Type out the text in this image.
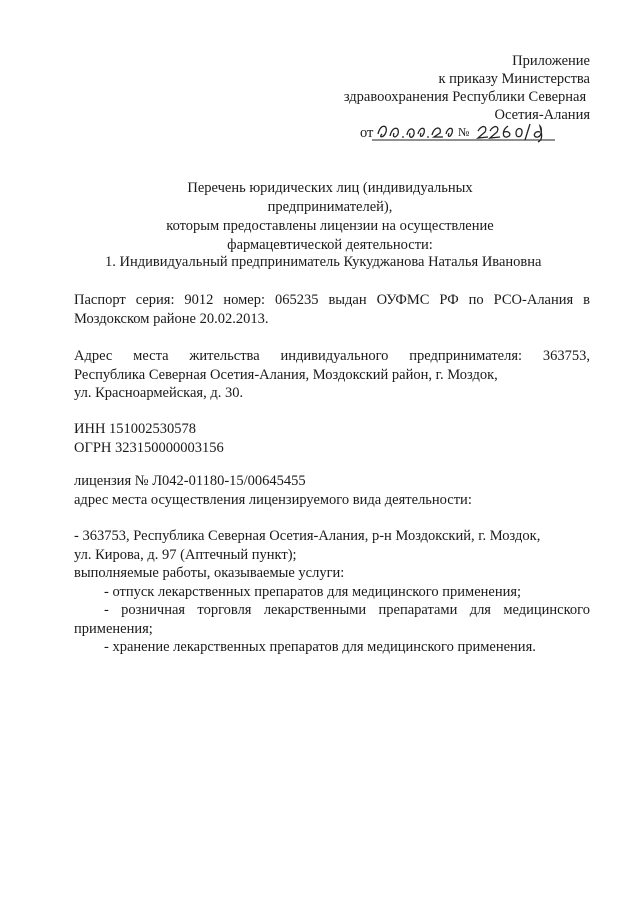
Приложение
к приказу Министерства
здравоохранения Республики Северная
Осетия-Алания
от	№
Перечень юридических лиц (индивидуальных предпринимателей),
которым предоставлены лицензии на осуществление
фармацевтической деятельности:
1. Индивидуальный предприниматель Кукуджанова Наталья Ивановна
Паспорт серия: 9012 номер: 065235 выдан ОУФМС РФ по РСО-Алания в
Моздокском районе 20.02.2013.
Адрес места жительства индивидуального предпринимателя: 363753,
Республика Северная Осетия-Алания, Моздокский район, г. Моздок,
ул. Красноармейская, д. 30.
ИНН 151002530578
ОГРН 323150000003156
лицензия № Л042-01180-15/00645455
адрес места осуществления лицензируемого вида деятельности:
- 363753, Республика Северная Осетия-Алания, р-н Моздокский, г. Моздок,
ул. Кирова, д. 97 (Аптечный пункт);
выполняемые работы, оказываемые услуги:
- отпуск лекарственных препаратов для медицинского применения;
- розничная торговля лекарственными препаратами для медицинского
применения;
- хранение лекарственных препаратов для медицинского применения.
